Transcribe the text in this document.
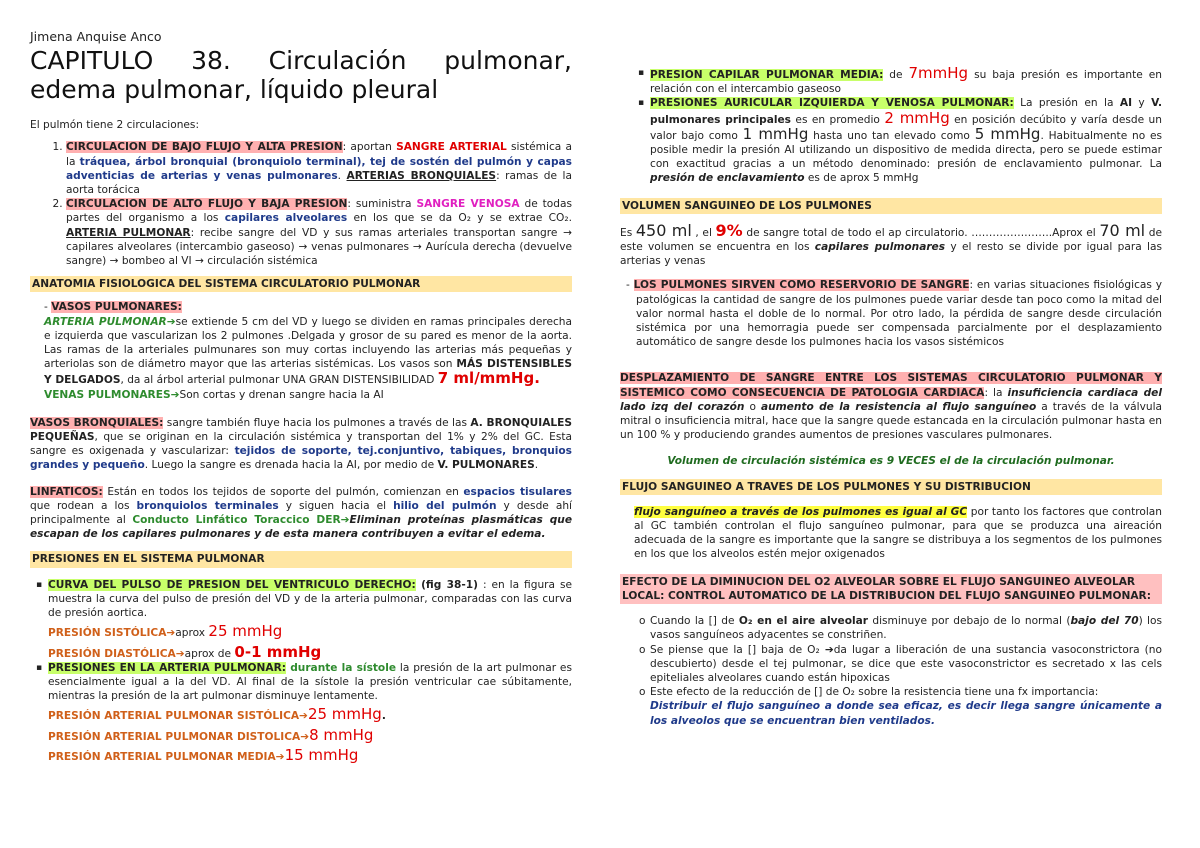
Jimena Anquise Anco
CAPITULO 38. Circulación pulmonar,
edema pulmonar, líquido pleural

El pulmón tiene 2 circulaciones:

1. CIRCULACION DE BAJO FLUJO Y ALTA PRESION: aportan SANGRE ARTERIAL sistémica a la tráquea, árbol bronquial (bronquiolo terminal), tej de sostén del pulmón y capas adventicias de arterias y venas pulmonares. ARTERIAS BRONQUIALES: ramas de la aorta torácica
2. CIRCULACION DE ALTO FLUJO Y BAJA PRESION: suministra SANGRE VENOSA de todas partes del organismo a los capilares alveolares en los que se da O₂ y se extrae CO₂. ARTERIA PULMONAR: recibe sangre del VD y sus ramas arteriales transportan sangre → capilares alveolares (intercambio gaseoso) → venas pulmonares → Aurícula derecha (devuelve sangre) → bombeo al VI → circulación sistémica
ANATOMIA FISIOLOGICA DEL SISTEMA CIRCULATORIO PULMONAR

- VASOS PULMONARES:

ARTERIA PULMONAR➔se extiende 5 cm del VD y luego se dividen en ramas principales derecha e izquierda que vascularizan los 2 pulmones .Delgada y grosor de su pared es menor de la aorta. Las ramas de la arteriales pulmunares son muy cortas incluyendo las arterias más pequeñas y arteriolas son de diámetro mayor que las arterias sistémicas. Los vasos son MÁS DISTENSIBLES Y DELGADOS, da al árbol arterial pulmonar UNA GRAN DISTENSIBILIDAD 7 ml/mmHg.

VENAS PULMONARES➔Son cortas y drenan sangre hacia la AI

VASOS BRONQUIALES: sangre también fluye hacia los pulmones a través de las A. BRONQUIALES PEQUEÑAS, que se originan en la circulación sistémica y transportan del 1% y 2% del GC. Esta sangre es oxigenada y vascularizar: tejidos de soporte, tej.conjuntivo, tabiques, bronquios grandes y pequeño. Luego la sangre es drenada hacia la AI, por medio de V. PULMONARES.

LINFATICOS: Están en todos los tejidos de soporte del pulmón, comienzan en espacios tisulares que rodean a los bronquiolos terminales y siguen hacia el hilio del pulmón y desde ahí principalmente al Conducto Linfático Toraccico DER➔Eliminan proteínas plasmáticas que escapan de los capilares pulmonares y de esta manera contribuyen a evitar el edema.

PRESIONES EN EL SISTEMA PULMONAR
▪ CURVA DEL PULSO DE PRESION DEL VENTRICULO DERECHO: (fig 38-1) : en la figura se muestra la curva del pulso de presión del VD y de la arteria pulmonar, comparadas con las curva de presión aortica.
PRESIÓN SISTÓLICA➔aprox 25 mmHg
PRESIÓN DIASTÓLICA➔aprox de 0-1 mmHg
▪ PRESIONES EN LA ARTERIA PULMONAR: durante la sístole la presión de la art pulmonar es esencialmente igual a la del VD. Al final de la sístole la presión ventricular cae súbitamente, mientras la presión de la art pulmonar disminuye lentamente.
PRESIÓN ARTERIAL PULMONAR SISTÓLICA➔25 mmHg.
PRESIÓN ARTERIAL PULMONAR DISTOLICA➔8 mmHg
PRESIÓN ARTERIAL PULMONAR MEDIA➔15 mmHg
▪ PRESION CAPILAR PULMONAR MEDIA: de 7mmHg su baja presión es importante en relación con el intercambio gaseoso
▪ PRESIONES AURICULAR IZQUIERDA Y VENOSA PULMONAR: La presión en la AI y V. pulmonares principales es en promedio 2 mmHg en posición decúbito y varía desde un valor bajo como 1 mmHg hasta uno tan elevado como 5 mmHg. Habitualmente no es posible medir la presión AI utilizando un dispositivo de medida directa, pero se puede estimar con exactitud gracias a un método denominado: presión de enclavamiento pulmonar. La presión de enclavamiento es de aprox 5 mmHg
VOLUMEN SANGUINEO DE LOS PULMONES

Es 450 ml , el 9% de sangre total de todo el ap circulatorio. …………………..Aprox el 70 ml de este volumen se encuentra en los capilares pulmonares y el resto se divide por igual para las arterias y venas

- LOS PULMONES SIRVEN COMO RESERVORIO DE SANGRE: en varias situaciones fisiológicas y patológicas la cantidad de sangre de los pulmones puede variar desde tan poco como la mitad del valor normal hasta el doble de lo normal. Por otro lado, la pérdida de sangre desde circulación sistémica por una hemorragia puede ser compensada parcialmente por el desplazamiento automático de sangre desde los pulmones hacia los vasos sistémicos

DESPLAZAMIENTO DE SANGRE ENTRE LOS SISTEMAS CIRCULATORIO PULMONAR Y SISTEMICO COMO CONSECUENCIA DE PATOLOGIA CARDIACA: la insuficiencia cardiaca del lado izq del corazón o aumento de la resistencia al flujo sanguíneo a través de la válvula mitral o insuficiencia mitral, hace que la sangre quede estancada en la circulación pulmonar hasta en un 100 % y produciendo grandes aumentos de presiones vasculares pulmonares.

Volumen de circulación sistémica es 9 VECES el de la circulación pulmonar.

FLUJO SANGUINEO A TRAVES DE LOS PULMONES Y SU DISTRIBUCION

flujo sanguíneo a través de los pulmones es igual al GC por tanto los factores que controlan al GC también controlan el flujo sanguíneo pulmonar, para que se produzca una aireación adecuada de la sangre es importante que la sangre se distribuya a los segmentos de los pulmones en los que los alveolos estén mejor oxigenados

EFECTO DE LA DIMINUCION DEL O2 ALVEOLAR SOBRE EL FLUJO SANGUINEO ALVEOLAR LOCAL: CONTROL AUTOMATICO DE LA DISTRIBUCION DEL FLUJO SANGUINEO PULMONAR:
o Cuando la [] de O₂ en el aire alveolar disminuye por debajo de lo normal (bajo del 70) los vasos sanguíneos adyacentes se constriñen.
o Se piense que la [] baja de O₂ ➔da lugar a liberación de una sustancia vasoconstrictora (no descubierto) desde el tej pulmonar, se dice que este vasoconstrictor es secretado x las cels epiteliales alveolares cuando están hipoxicas
o Este efecto de la reducción de [] de O₂ sobre la resistencia tiene una fx importancia:
Distribuir el flujo sanguíneo a donde sea eficaz, es decir llega sangre únicamente a los alveolos que se encuentran bien ventilados.
